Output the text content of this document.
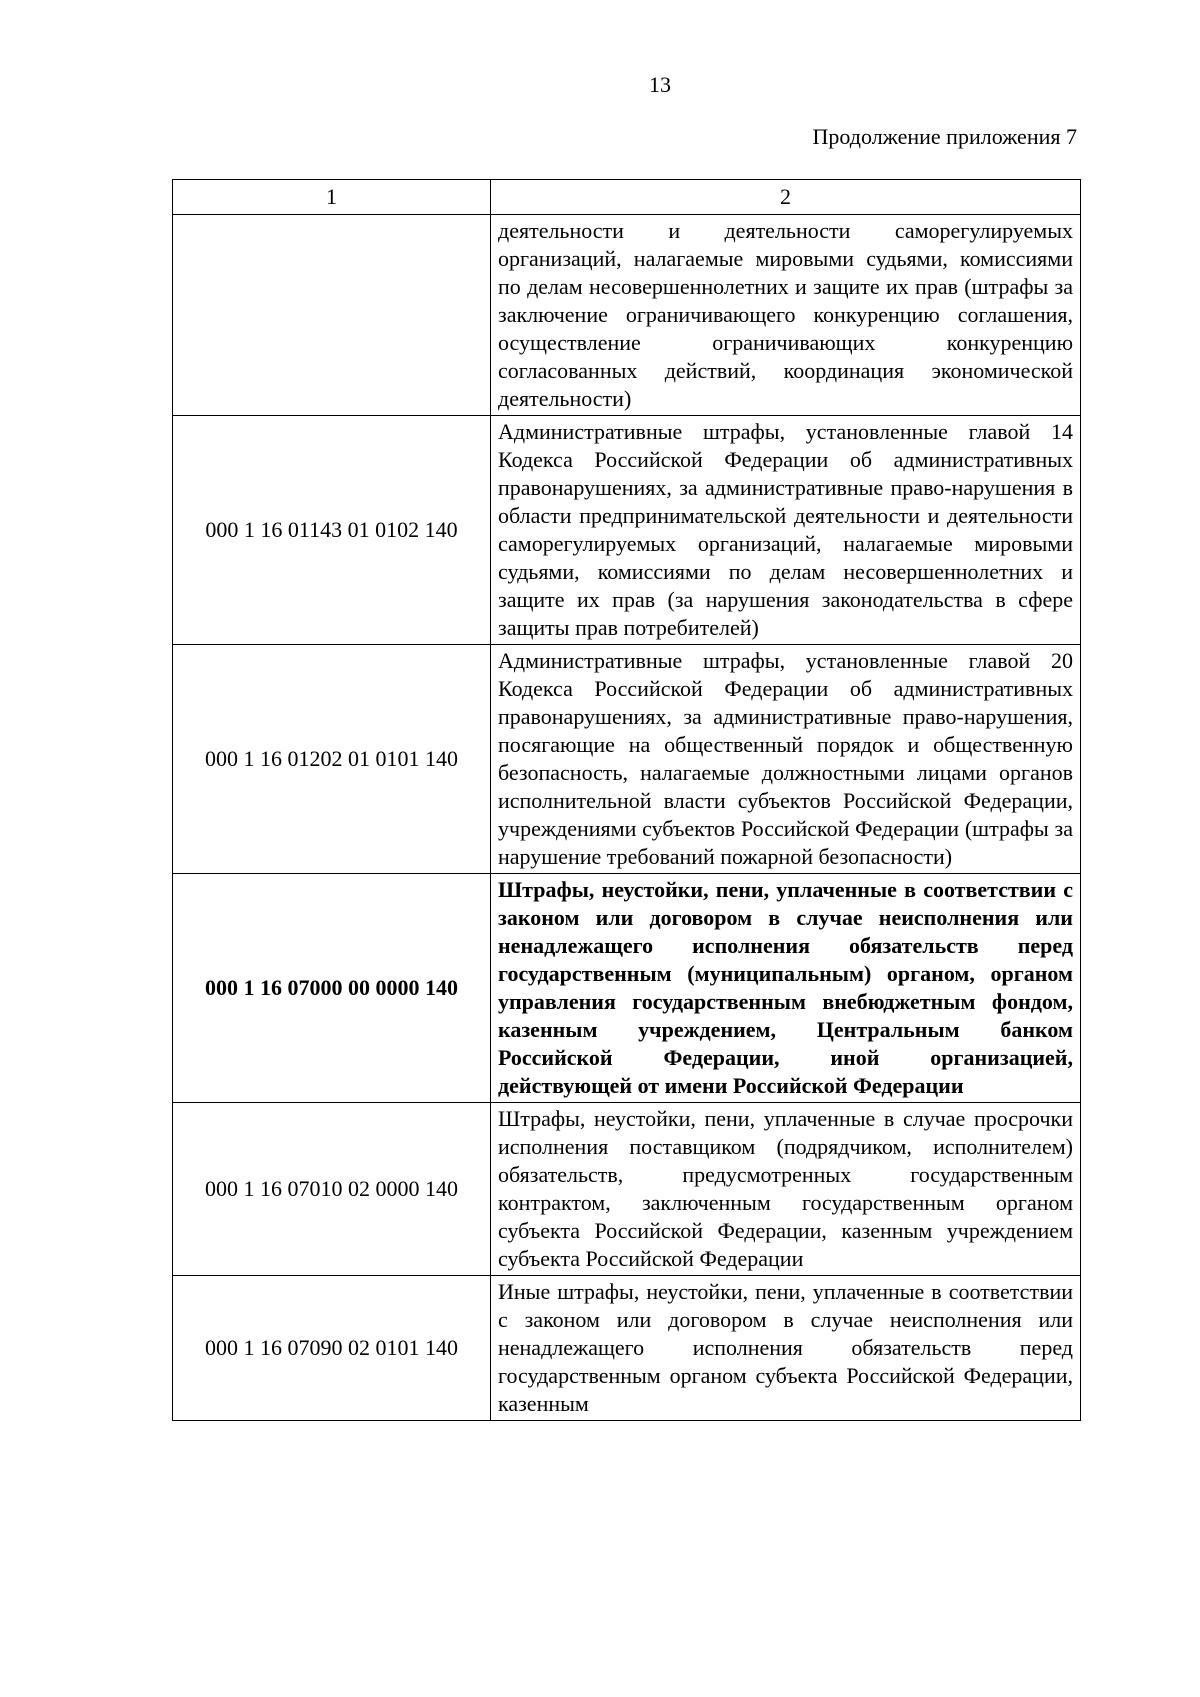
13
Продолжение приложения 7
1	2
	деятельности и деятельности саморегулируемых организаций, налагаемые мировыми судьями, комиссиями по делам несовершеннолетних и защите их прав (штрафы за заключение ограничивающего конкуренцию соглашения, осуществление ограничивающих конкуренцию согласованных действий, координация экономической деятельности)
000 1 16 01143 01 0102 140	Административные штрафы, установленные главой 14 Кодекса Российской Федерации об административных правонарушениях, за административные право-нарушения в области предпринимательской деятельности и деятельности саморегулируемых организаций, налагаемые мировыми судьями, комиссиями по делам несовершеннолетних и защите их прав (за нарушения законодательства в сфере защиты прав потребителей)
000 1 16 01202 01 0101 140	Административные штрафы, установленные главой 20 Кодекса Российской Федерации об административных правонарушениях, за административные право-нарушения, посягающие на общественный порядок и общественную безопасность, налагаемые должностными лицами органов исполнительной власти субъектов Российской Федерации, учреждениями субъектов Российской Федерации (штрафы за нарушение требований пожарной безопасности)
000 1 16 07000 00 0000 140	Штрафы, неустойки, пени, уплаченные в соответствии с законом или договором в случае неисполнения или ненадлежащего исполнения обязательств перед государственным (муниципальным) органом, органом управления государственным внебюджетным фондом, казенным учреждением, Центральным банком Российской Федерации, иной организацией, действующей от имени Российской Федерации
000 1 16 07010 02 0000 140	Штрафы, неустойки, пени, уплаченные в случае просрочки исполнения поставщиком (подрядчиком, исполнителем) обязательств, предусмотренных государственным контрактом, заключенным государственным органом субъекта Российской Федерации, казенным учреждением субъекта Российской Федерации
000 1 16 07090 02 0101 140	Иные штрафы, неустойки, пени, уплаченные в соответствии с законом или договором в случае неисполнения или ненадлежащего исполнения обязательств перед государственным органом субъекта Российской Федерации, казенным
